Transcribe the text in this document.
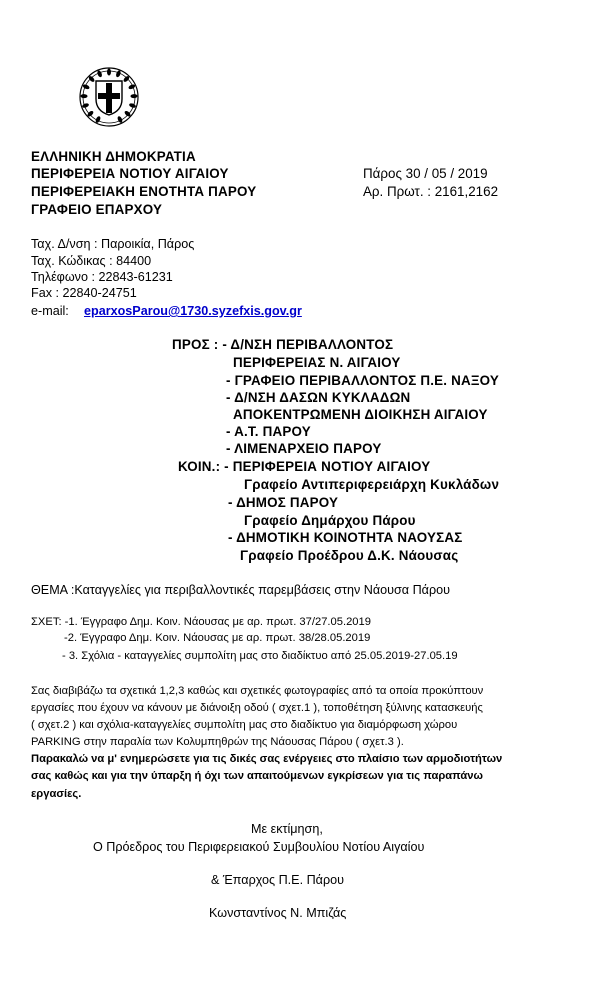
ΕΛΛΗΝΙΚΗ ΔΗΜΟΚΡΑΤΙΑ
ΠΕΡΙΦΕΡΕΙΑ ΝΟΤΙΟΥ ΑΙΓΑΙΟΥ
ΠΕΡΙΦΕΡΕΙΑΚΗ ΕΝΟΤΗΤΑ ΠΑΡΟΥ
ΓΡΑΦΕΙΟ ΕΠΑΡΧΟΥ
Πάρος 30 / 05 / 2019
Αρ. Πρωτ. : 2161,2162
Ταχ. Δ/νση : Παροικία, Πάρος
Ταχ. Κώδικας : 84400
Τηλέφωνο : 22843-61231
Fax : 22840-24751
e-mail: eparxosParou@1730.syzefxis.gov.gr
ΠΡΟΣ : - Δ/ΝΣΗ ΠΕΡΙΒΑΛΛΟΝΤΟΣ
ΠΕΡΙΦΕΡΕΙΑΣ Ν. ΑΙΓΑΙΟΥ
- ΓΡΑΦΕΙΟ ΠΕΡΙΒΑΛΛΟΝΤΟΣ Π.Ε. ΝΑΞΟΥ
- Δ/ΝΣΗ ΔΑΣΩΝ ΚΥΚΛΑΔΩΝ
ΑΠΟΚΕΝΤΡΩΜΕΝΗ ΔΙΟΙΚΗΣΗ ΑΙΓΑΙΟΥ
- Α.Τ. ΠΑΡΟΥ
- ΛΙΜΕΝΑΡΧΕΙΟ ΠΑΡΟΥ
ΚΟΙΝ.: - ΠΕΡΙΦΕΡΕΙΑ ΝΟΤΙΟΥ ΑΙΓΑΙΟΥ
Γραφείο Αντιπεριφερειάρχη Κυκλάδων
- ΔΗΜΟΣ ΠΑΡΟΥ
Γραφείο Δημάρχου Πάρου
- ΔΗΜΟΤΙΚΗ ΚΟΙΝΟΤΗΤΑ ΝΑΟΥΣΑΣ
Γραφείο Προέδρου Δ.Κ. Νάουσας
ΘΕΜΑ :Καταγγελίες για περιβαλλοντικές παρεμβάσεις στην Νάουσα Πάρου
ΣΧΕΤ: -1. Έγγραφο Δημ. Κοιν. Νάουσας με αρ. πρωτ. 37/27.05.2019
-2. Έγγραφο Δημ. Κοιν. Νάουσας με αρ. πρωτ. 38/28.05.2019
- 3. Σχόλια - καταγγελίες συμπολίτη μας στο διαδίκτυο από 25.05.2019-27.05.19
Σας διαβιβάζω τα σχετικά 1,2,3 καθώς και σχετικές φωτογραφίες από τα οποία προκύπτουν
εργασίες που έχουν να κάνουν με διάνοιξη οδού ( σχετ.1 ), τοποθέτηση ξύλινης κατασκευής
( σχετ.2 ) και σχόλια-καταγγελίες συμπολίτη μας στο διαδίκτυο για διαμόρφωση χώρου
PARKING στην παραλία των Κολυμπηθρών της Νάουσας Πάρου ( σχετ.3 ).
Παρακαλώ να μ' ενημερώσετε για τις δικές σας ενέργειες στο πλαίσιο των αρμοδιοτήτων
σας καθώς και για την ύπαρξη ή όχι των απαιτούμενων εγκρίσεων για τις παραπάνω
εργασίες.
Με εκτίμηση,
Ο Πρόεδρος του Περιφερειακού Συμβουλίου Νοτίου Αιγαίου
& Έπαρχος Π.Ε. Πάρου
Κωνσταντίνος Ν. Μπιζάς
